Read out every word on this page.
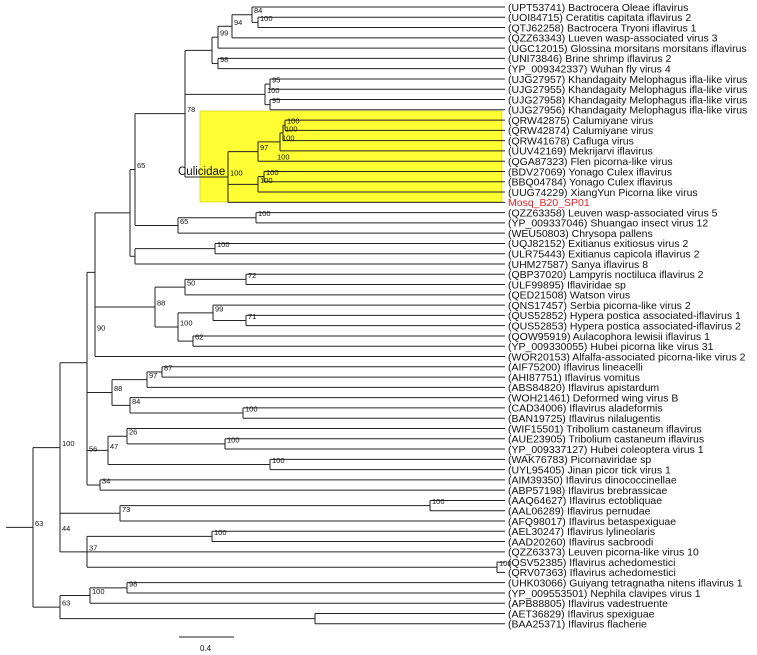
(UPT53741) Bactrocera Oleae iflavirus
(UOI84715) Ceratitis capitata iflavirus 2
(QTJ62258) Bactrocera Tryoni iflavirus 1
(QZZ63343) Lueven wasp-associated virus 3
(UGC12015) Glossina morsitans morsitans iflavirus
(UNI73846) Brine shrimp iflavirus 2
(YP_009342337) Wuhan fly virus 4
(UJG27957) Khandagaity Melophagus ifla-like virus
(UJG27955) Khandagaity Melophagus ifla-like virus
(UJG27958) Khandagaity Melophagus ifla-like virus
(UJG27956) Khandagaity Melophagus ifla-like virus
(QRW42875) Calumiyane virus
(QRW42874) Calumiyane virus
(QRW41678) Cafluga virus
(UUV42169) Mekrijarvi iflavirus
(QGA87323) Flen picorna-like virus
(BDV27069) Yonago Culex iflavirus
(BBQ04784) Yonago Culex iflavirus
(UUG74229) XiangYun Picorna like virus
Mosq_B20_SP01
(QZZ63358) Leuven wasp-associated virus 5
(YP_009337046) Shuangao insect virus 12
(WEU50803) Chrysopa pallens
(UQJ82152) Exitianus exitiosus virus 2
(ULR75443) Exitianus capicola iflavirus 2
(UHM27587) Sanya iflavirus 8
(QBP37020) Lampyris noctiluca iflavirus 2
(ULF99895) Iflaviridae sp
(QED21508) Watson virus
(QNS17457) Serbia picorna-like virus 2
(QUS52852) Hypera postica associated-iflavirus 1
(QUS52853) Hypera postica associated-iflavirus 2
(QOW95919) Aulacophora lewisii iflavirus 1
(YP_009330055) Hubei picorna like virus 31
(WOR20153) Alfalfa-associated picorna-like virus 2
(AIF75200) Iflavirus lineacelli
(AHI87751) Iflavirus vomitus
(ABS84820) Iflavirus apistardum
(WOH21461) Deformed wing virus B
(CAD34006) Iflavirus aladeformis
(BAN19725) Iflavirus nilalugentis
(WIF15501) Tribolium castaneum iflavirus
(AUE23905) Tribolium castaneum iflavirus
(YP_009337127) Hubei coleoptera virus 1
(WAK76783) Picornaviridae sp
(UYL95405) Jinan picor tick virus 1
(AIM39350) Iflavirus dinococcinellae
(ABP57198) Iflavirus brebrassicae
(AAQ64627) Iflavirus ectobliquae
(AAL06289) Iflavirus pernudae
(AFQ98017) Iflavirus betaspexiguae
(AEL30247) Iflavirus lylineolaris
(AAD20260) Iflavirus sacbroodi
(QZZ63373) Leuven picorna-like virus 10
(QSV52385) Iflavirus achedomestici
(QRV07363) Iflavirus achedomestici
(UHK03066) Guiyang tetragnatha nitens iflavirus 1
(YP_009553501) Nephila clavipes virus 1
(APB88805) Iflavirus vadestruente
(AET36829) Iflavirus spexiguae
(BAA25371) Iflavirus flacherie
100
84
94
99
98
95
95
100
100
100
100
100
97
100
100
100
78
100
65
65
100
72
50
71
99
62
100
88
90
87
97
100
84
88
100
26
100
47
34
56
100
73
100
100
37
44
100
98
100
63
63
Culicidae
0.4
